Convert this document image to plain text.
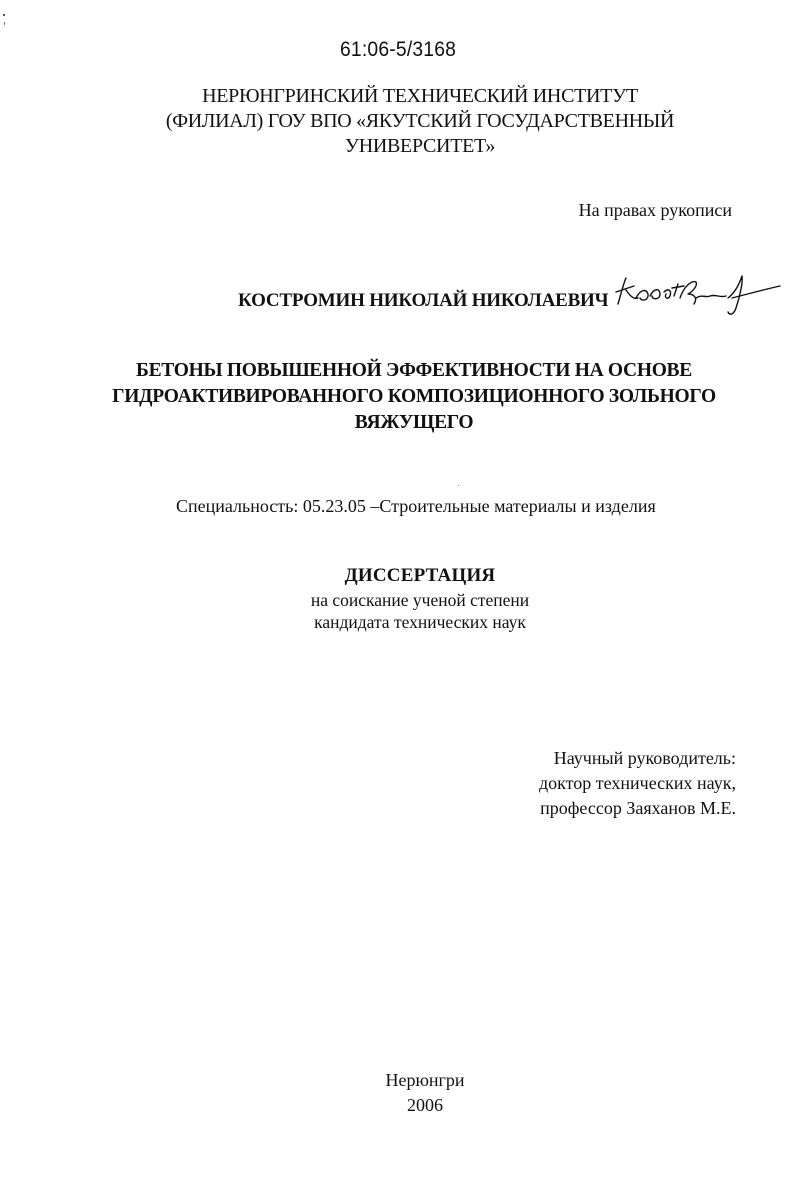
61:06-5/3168
НЕРЮНГРИНСКИЙ ТЕХНИЧЕСКИЙ ИНСТИТУТ
(ФИЛИАЛ) ГОУ ВПО «ЯКУТСКИЙ ГОСУДАРСТВЕННЫЙ
УНИВЕРСИТЕТ»
На правах рукописи
КОСТРОМИН НИКОЛАЙ НИКОЛАЕВИЧ
БЕТОНЫ ПОВЫШЕННОЙ ЭФФЕКТИВНОСТИ НА ОСНОВЕ
ГИДРОАКТИВИРОВАННОГО КОМПОЗИЦИОННОГО ЗОЛЬНОГО
ВЯЖУЩЕГО
Специальность: 05.23.05 –Строительные материалы и изделия
ДИССЕРТАЦИЯ
на соискание ученой степени
кандидата технических наук
Научный руководитель:
доктор технических наук,
профессор Заяханов М.Е.
Нерюнгри
2006
